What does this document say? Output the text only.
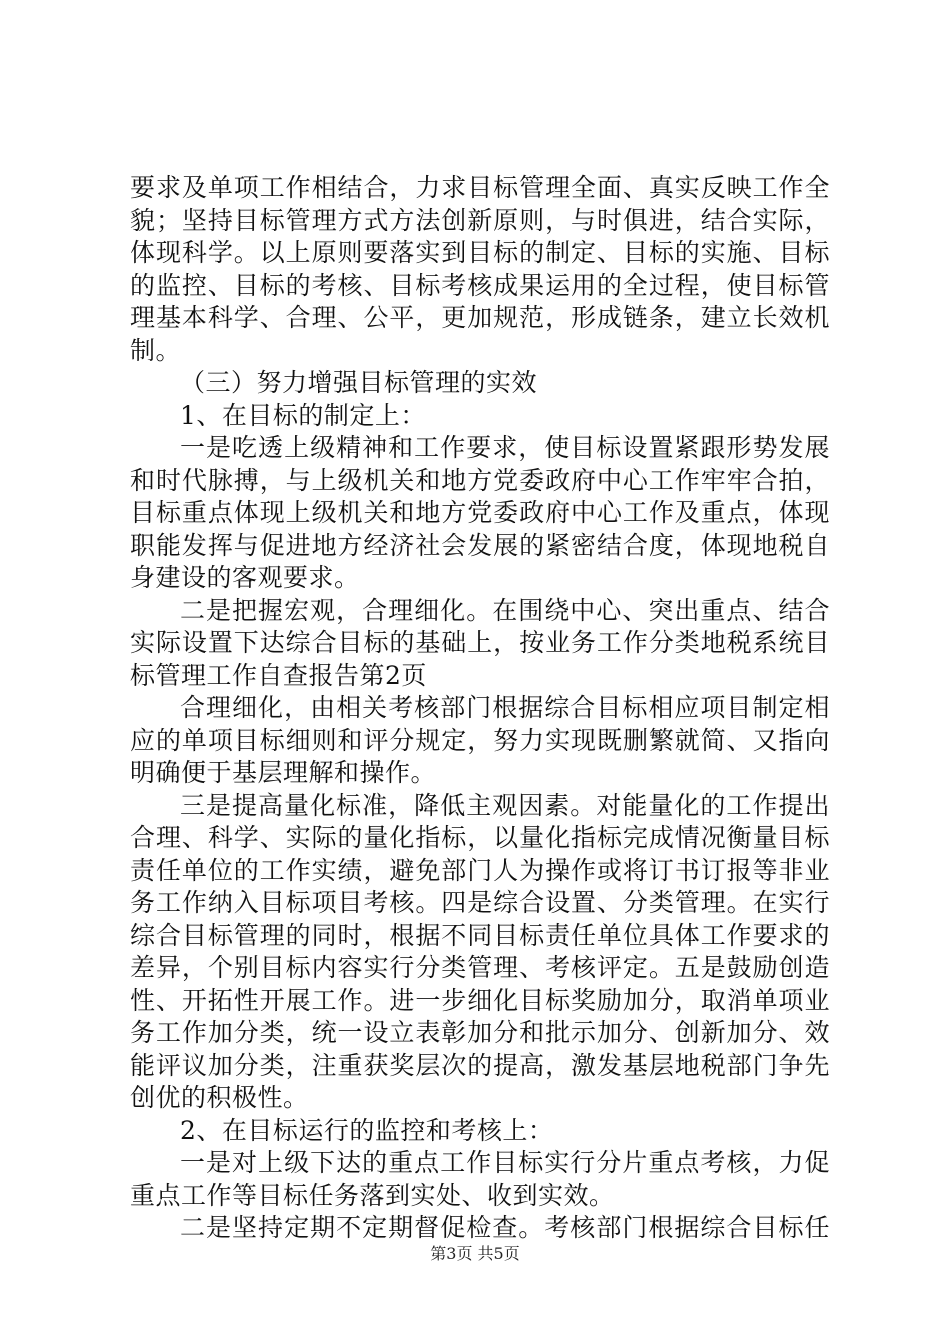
要求及单项工作相结合，力求目标管理全面、真实反映工作全
貌；坚持目标管理方式方法创新原则，与时俱进，结合实际，
体现科学。以上原则要落实到目标的制定、目标的实施、目标
的监控、目标的考核、目标考核成果运用的全过程，使目标管
理基本科学、合理、公平，更加规范，形成链条，建立长效机
制。
（三）努力增强目标管理的实效
1、在目标的制定上：
一是吃透上级精神和工作要求，使目标设置紧跟形势发展
和时代脉搏，与上级机关和地方党委政府中心工作牢牢合拍，
目标重点体现上级机关和地方党委政府中心工作及重点，体现
职能发挥与促进地方经济社会发展的紧密结合度，体现地税自
身建设的客观要求。
二是把握宏观，合理细化。在围绕中心、突出重点、结合
实际设置下达综合目标的基础上，按业务工作分类地税系统目
标管理工作自查报告第2页
合理细化，由相关考核部门根据综合目标相应项目制定相
应的单项目标细则和评分规定，努力实现既删繁就简、又指向
明确便于基层理解和操作。
三是提高量化标准，降低主观因素。对能量化的工作提出
合理、科学、实际的量化指标，以量化指标完成情况衡量目标
责任单位的工作实绩，避免部门人为操作或将订书订报等非业
务工作纳入目标项目考核。四是综合设置、分类管理。在实行
综合目标管理的同时，根据不同目标责任单位具体工作要求的
差异，个别目标内容实行分类管理、考核评定。五是鼓励创造
性、开拓性开展工作。进一步细化目标奖励加分，取消单项业
务工作加分类，统一设立表彰加分和批示加分、创新加分、效
能评议加分类，注重获奖层次的提高，激发基层地税部门争先
创优的积极性。
2、在目标运行的监控和考核上：
一是对上级下达的重点工作目标实行分片重点考核，力促
重点工作等目标任务落到实处、收到实效。
二是坚持定期不定期督促检查。考核部门根据综合目标任
第3页 共5页
